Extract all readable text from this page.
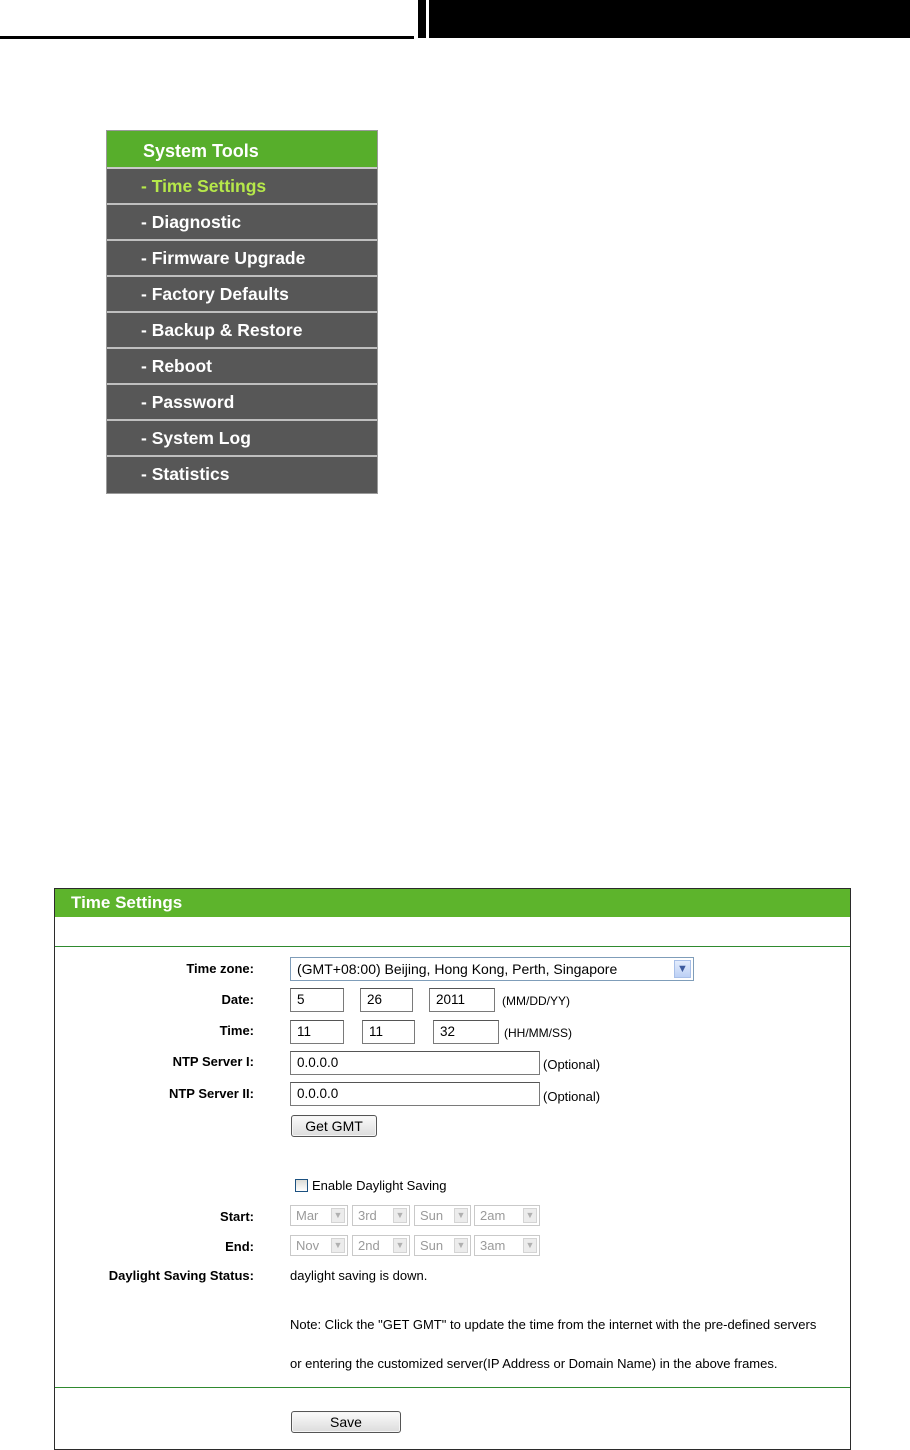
System Tools
- Time Settings
- Diagnostic
- Firmware Upgrade
- Factory Defaults
- Backup & Restore
- Reboot
- Password
- System Log
- Statistics
Time Settings
Time zone:	(GMT+08:00) Beijing, Hong Kong, Perth, Singapore	▼
Date:	5	26	2011	(MM/DD/YY)
Time:	11	11	32	(HH/MM/SS)
NTP Server I:	0.0.0.0	(Optional)
NTP Server II:	0.0.0.0	(Optional)
Get GMT
Enable Daylight Saving
Start:	Mar ▼	3rd ▼	Sun ▼	2am ▼
End:	Nov ▼	2nd ▼	Sun ▼	3am ▼
Daylight Saving Status:	daylight saving is down.
Note: Click the "GET GMT" to update the time from the internet with the pre-defined servers
or entering the customized server(IP Address or Domain Name) in the above frames.
Save
